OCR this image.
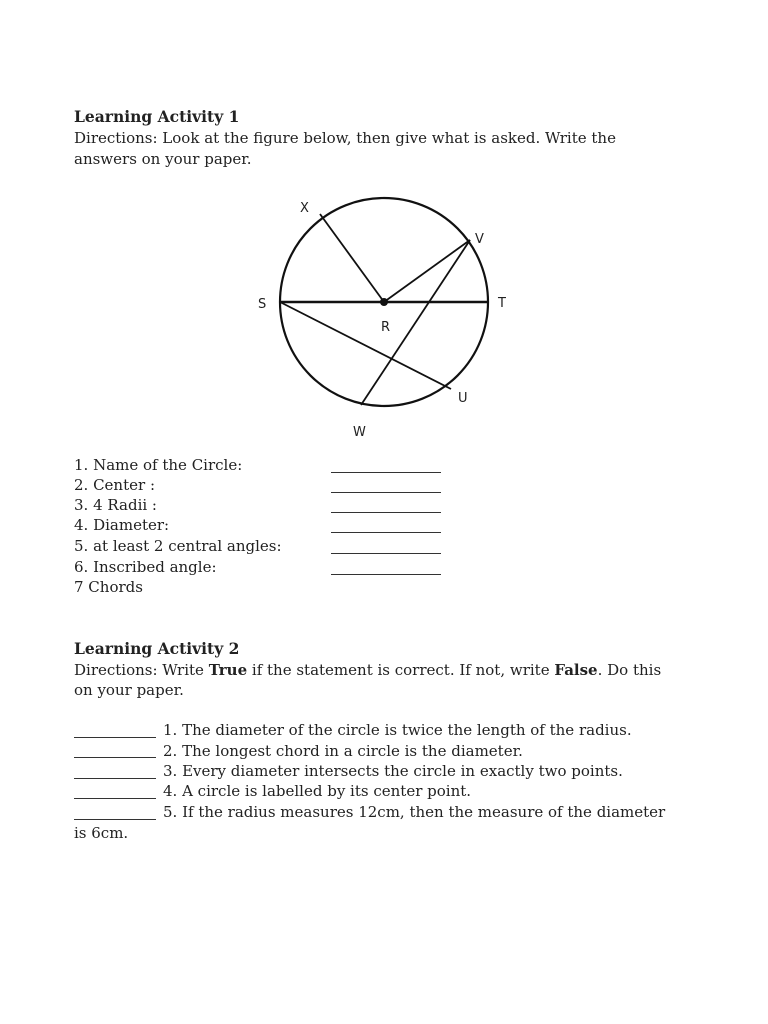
Learning Activity 1
Directions: Look at the figure below, then give what is asked. Write the
answers on your paper.
X
V
S	T
R
U
W
1. Name of the Circle:
2. Center :
3. 4 Radii :
4. Diameter:
5. at least 2 central angles:
6. Inscribed angle:
7 Chords
Learning Activity 2
Directions: Write True if the statement is correct. If not, write False. Do this
on your paper.
1. The diameter of the circle is twice the length of the radius.
2. The longest chord in a circle is the diameter.
3. Every diameter intersects the circle in exactly two points.
4. A circle is labelled by its center point.
5. If the radius measures 12cm, then the measure of the diameter
is 6cm.
